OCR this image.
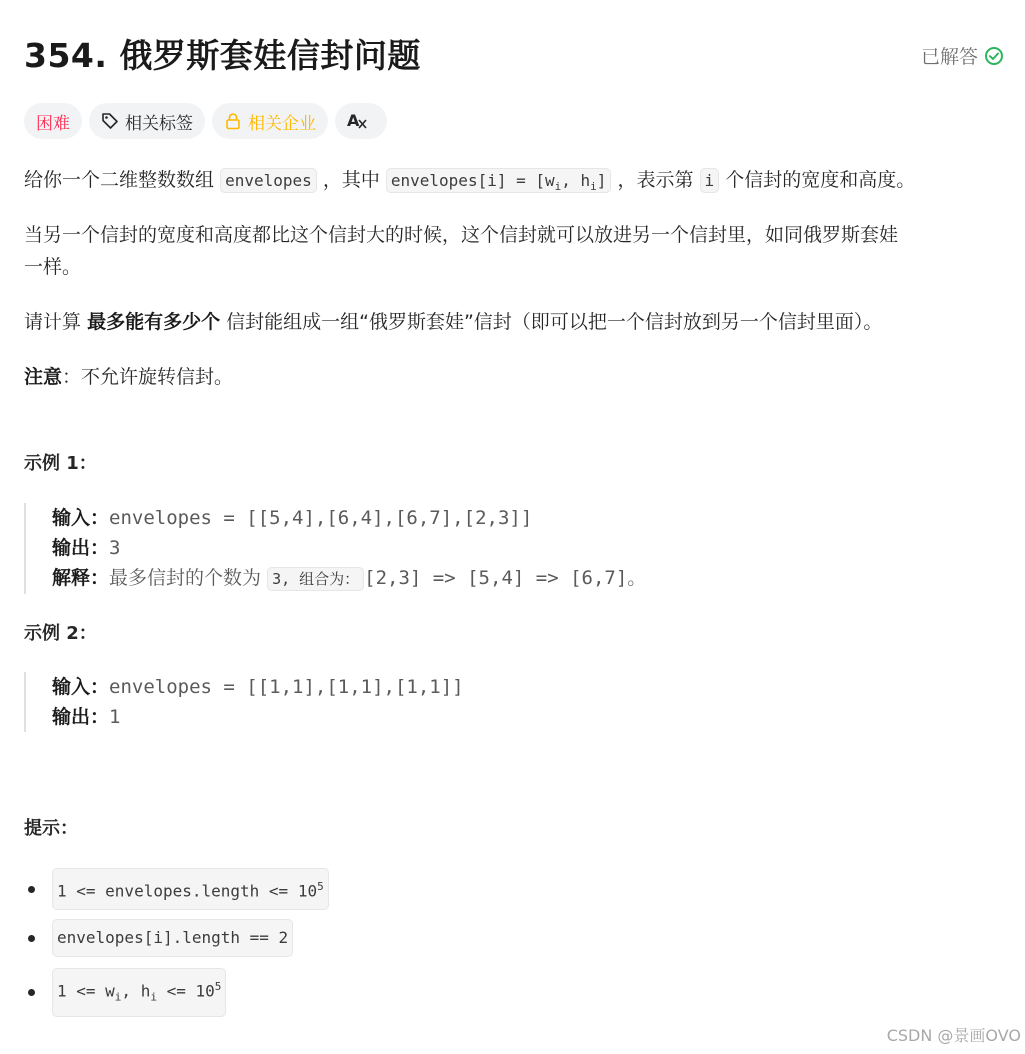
354. 俄罗斯套娃信封问题	已解答
困难	相关标签	相关企业 A
给你一个二维整数数组 envelopes ，其中 envelopes[i] = [$w_i$, $h_i$] ，表示第 i 个信封的宽度和高度。
当另一个信封的宽度和高度都比这个信封大的时候，这个信封就可以放进另一个信封里，如同俄罗斯套娃
一样。
请计算 最多能有多少个 信封能组成一组“俄罗斯套娃”信封（即可以把一个信封放到另一个信封里面）。
注意：不允许旋转信封。
示例 1：
输入：envelopes = [[5,4],[6,4],[6,7],[2,3]]
输出：3
解释：最多信封的个数为 3, 组合为： [2,3] => [5,4] => [6,7]。
示例 2：
输入：envelopes = [[1,1],[1,1],[1,1]]
输出：1
提示：
1 <= envelopes.length <= $10^5$
envelopes[i].length == 2
$1 <= w_i$, $h_i <= 10^5$
CSDN @景画OVO
